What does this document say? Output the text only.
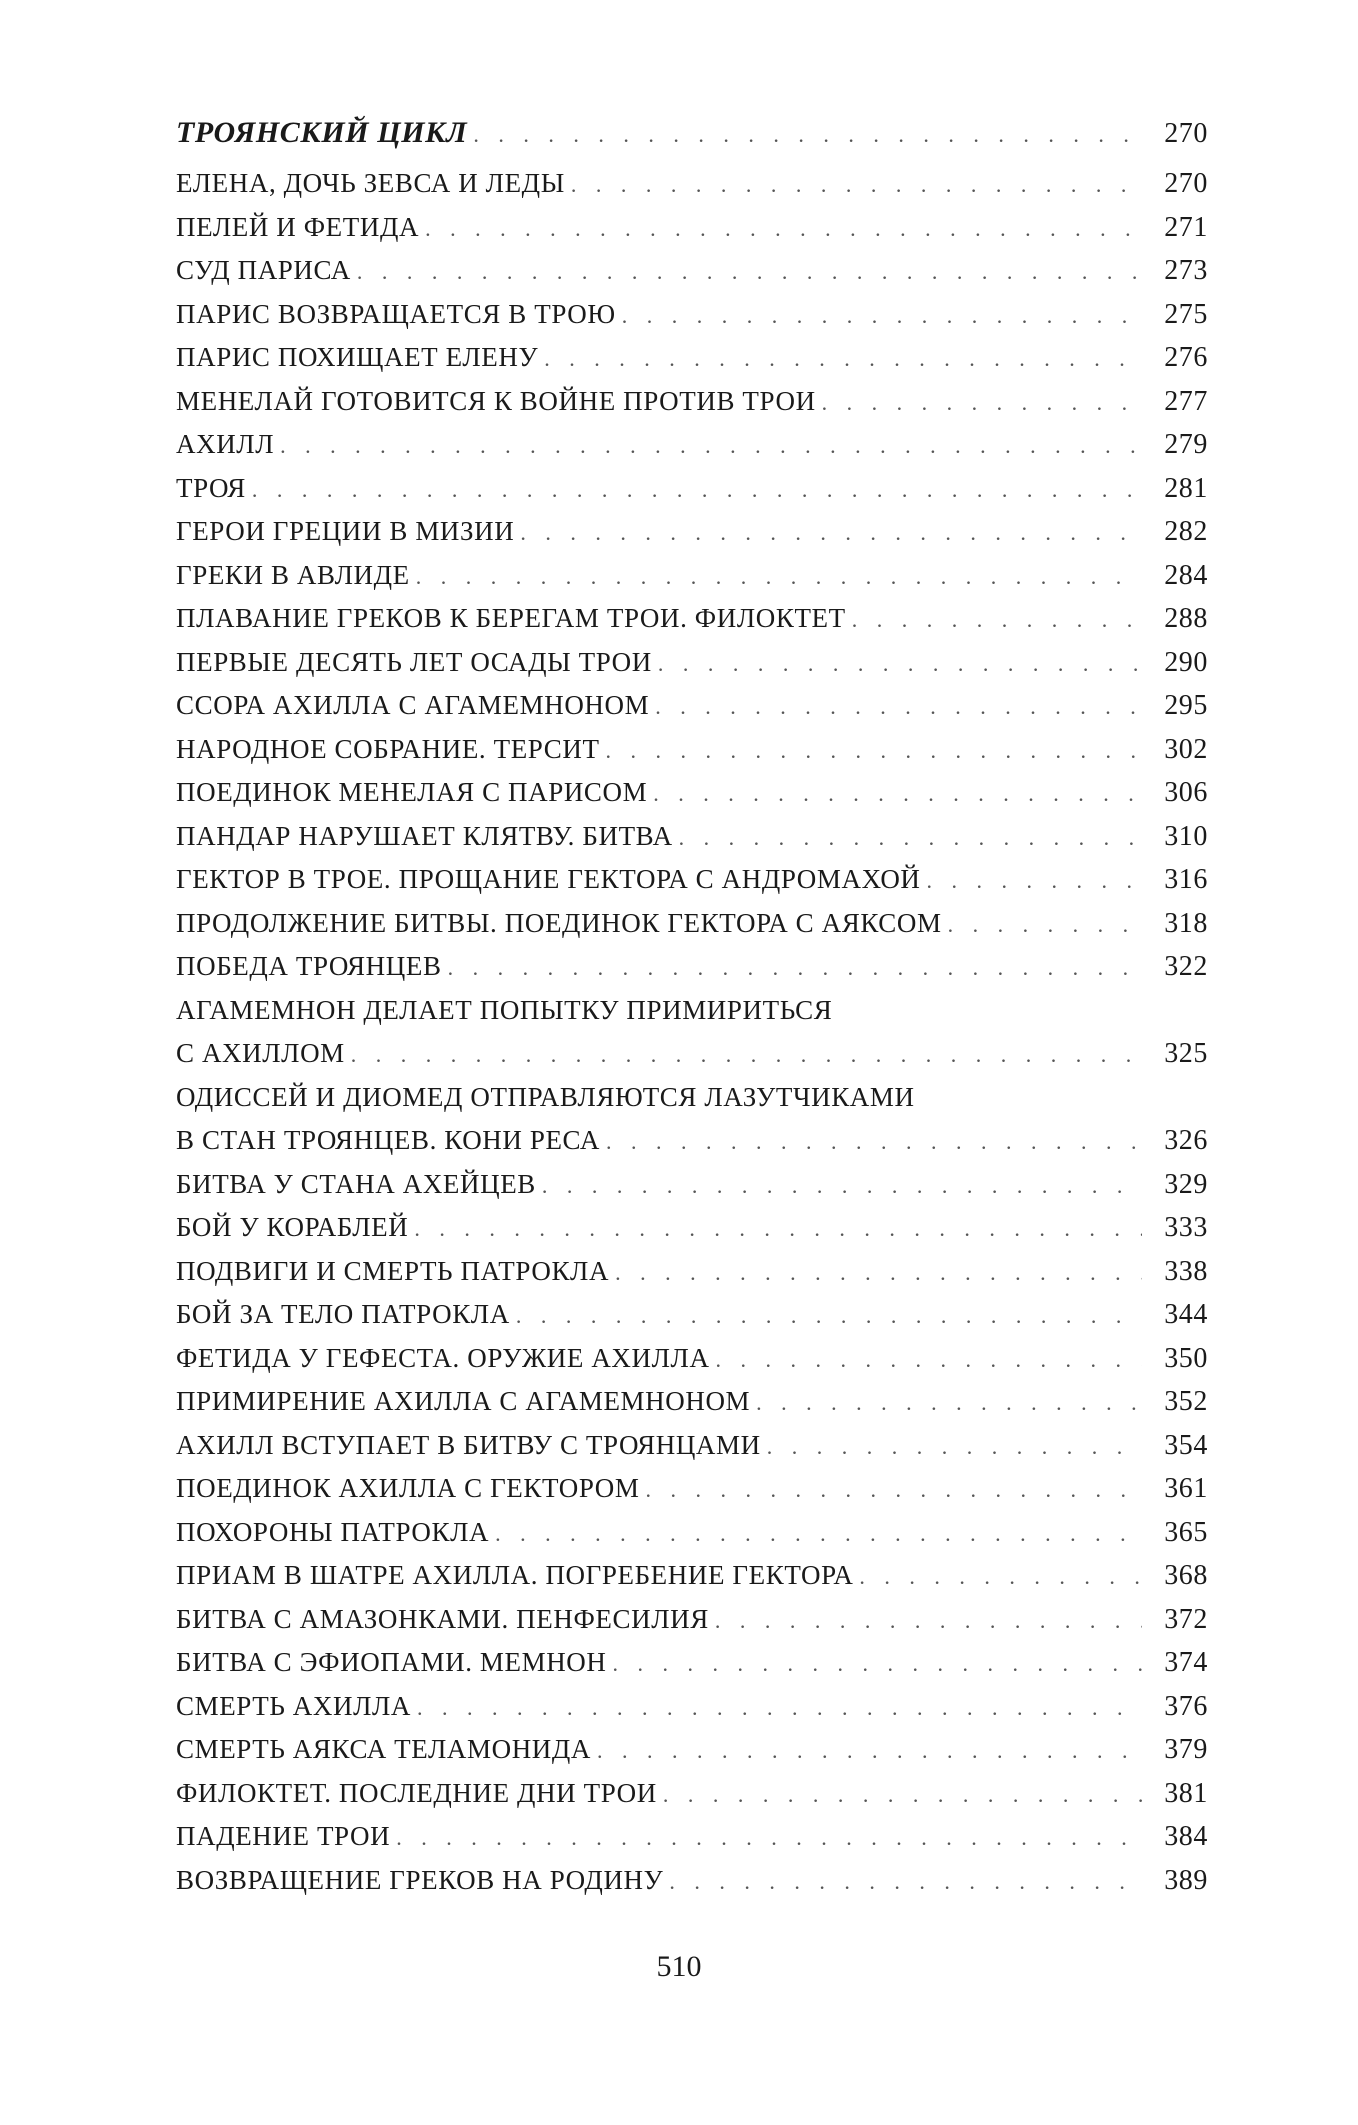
ТРОЯНСКИЙ ЦИКЛ . . .	270
ЕЛЕНА, ДОЧЬ ЗЕВСА И ЛЕДЫ . . .	270
ПЕЛЕЙ И ФЕТИДА . . .	271
СУД ПАРИСА . . .	273
ПАРИС ВОЗВРАЩАЕТСЯ В ТРОЮ . . .	275
ПАРИС ПОХИЩАЕТ ЕЛЕНУ . . .	276
МЕНЕЛАЙ ГОТОВИТСЯ К ВОЙНЕ ПРОТИВ ТРОИ . . .	277
АХИЛЛ . . .	279
ТРОЯ . . .	281
ГЕРОИ ГРЕЦИИ В МИЗИИ . . .	282
ГРЕКИ В АВЛИДЕ . . .	284
ПЛАВАНИЕ ГРЕКОВ К БЕРЕГАМ ТРОИ. ФИЛОКТЕТ . . .	288
ПЕРВЫЕ ДЕСЯТЬ ЛЕТ ОСАДЫ ТРОИ . . .	290
ССОРА АХИЛЛА С АГАМЕМНОНОМ . . .	295
НАРОДНОЕ СОБРАНИЕ. ТЕРСИТ . . .	302
ПОЕДИНОК МЕНЕЛАЯ С ПАРИСОМ . . .	306
ПАНДАР НАРУШАЕТ КЛЯТВУ. БИТВА . . .	310
ГЕКТОР В ТРОЕ. ПРОЩАНИЕ ГЕКТОРА С АНДРОМАХОЙ . . .	316
ПРОДОЛЖЕНИЕ БИТВЫ. ПОЕДИНОК ГЕКТОРА С АЯКСОМ . . .	318
ПОБЕДА ТРОЯНЦЕВ . . .	322
АГАМЕМНОН ДЕЛАЕТ ПОПЫТКУ ПРИМИРИТЬСЯ
С АХИЛЛОМ . . .	325
ОДИССЕЙ И ДИОМЕД ОТПРАВЛЯЮТСЯ ЛАЗУТЧИКАМИ
В СТАН ТРОЯНЦЕВ. КОНИ РЕСА . . .	326
БИТВА У СТАНА АХЕЙЦЕВ . . .	329
БОЙ У КОРАБЛЕЙ . . .	333
ПОДВИГИ И СМЕРТЬ ПАТРОКЛА . . .	338
БОЙ ЗА ТЕЛО ПАТРОКЛА . . .	344
ФЕТИДА У ГЕФЕСТА. ОРУЖИЕ АХИЛЛА . . .	350
ПРИМИРЕНИЕ АХИЛЛА С АГАМЕМНОНОМ . . .	352
АХИЛЛ ВСТУПАЕТ В БИТВУ С ТРОЯНЦАМИ . . .	354
ПОЕДИНОК АХИЛЛА С ГЕКТОРОМ . . .	361
ПОХОРОНЫ ПАТРОКЛА . . .	365
ПРИАМ В ШАТРЕ АХИЛЛА. ПОГРЕБЕНИЕ ГЕКТОРА . . .	368
БИТВА С АМАЗОНКАМИ. ПЕНФЕСИЛИЯ . . .	372
БИТВА С ЭФИОПАМИ. МЕМНОН . . .	374
СМЕРТЬ АХИЛЛА . . .	376
СМЕРТЬ АЯКСА ТЕЛАМОНИДА . . .	379
ФИЛОКТЕТ. ПОСЛЕДНИЕ ДНИ ТРОИ . . .	381
ПАДЕНИЕ ТРОИ . . .	384
ВОЗВРАЩЕНИЕ ГРЕКОВ НА РОДИНУ . . .	389
510
